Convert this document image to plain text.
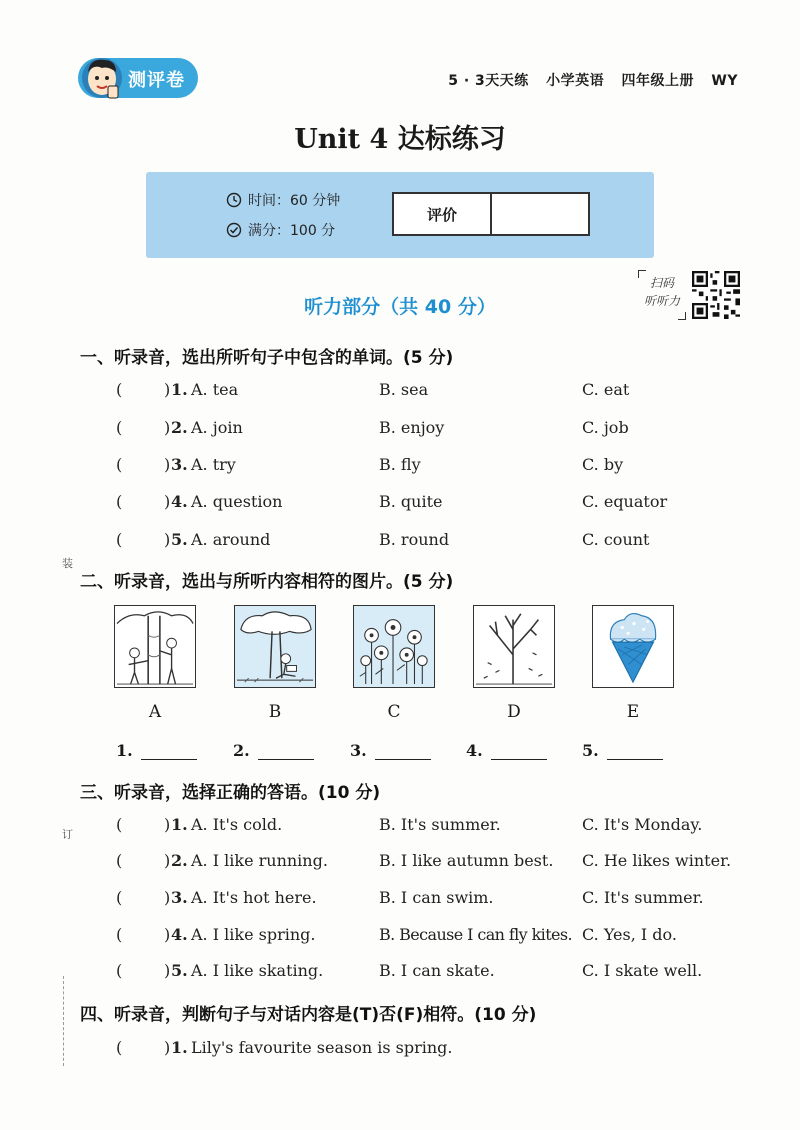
测评卷	5 · 3天天练 小学英语 四年级上册 WY
Unit 4 达标练习
时间：60 分钟
满分：100 分
评价
扫码
听听力
听力部分（共 40 分）
一、听录音，选出所听句子中包含的单词。(5 分)
(	) 1. A. tea	B. sea	C. eat
(	) 2. A. join	B. enjoy	C. job
(	) 3. A. try	B. fly	C. by
(	) 4. A. question	B. quite	C. equator
(	) 5. A. around	B. round	C. count
二、听录音，选出与所听内容相符的图片。(5 分)
A	B	C	D	E
1.	2.	3.	4.	5.
三、听录音，选择正确的答语。(10 分)
(	) 1. A. It's cold.	B. It's summer.	C. It's Monday.
(	) 2. A. I like running.	B. I like autumn best. C. He likes winter.
(	) 3. A. It's hot here.	B. I can swim.	C. It's summer.
(	) 4. A. I like spring.	B. Because I can fly kites. C. Yes, I do.
(	) 5. A. I like skating.	B. I can skate.	C. I skate well.
四、听录音，判断句子与对话内容是(T)否(F)相符。(10 分)
(	) 1. Lily's favourite season is spring.
装
订
